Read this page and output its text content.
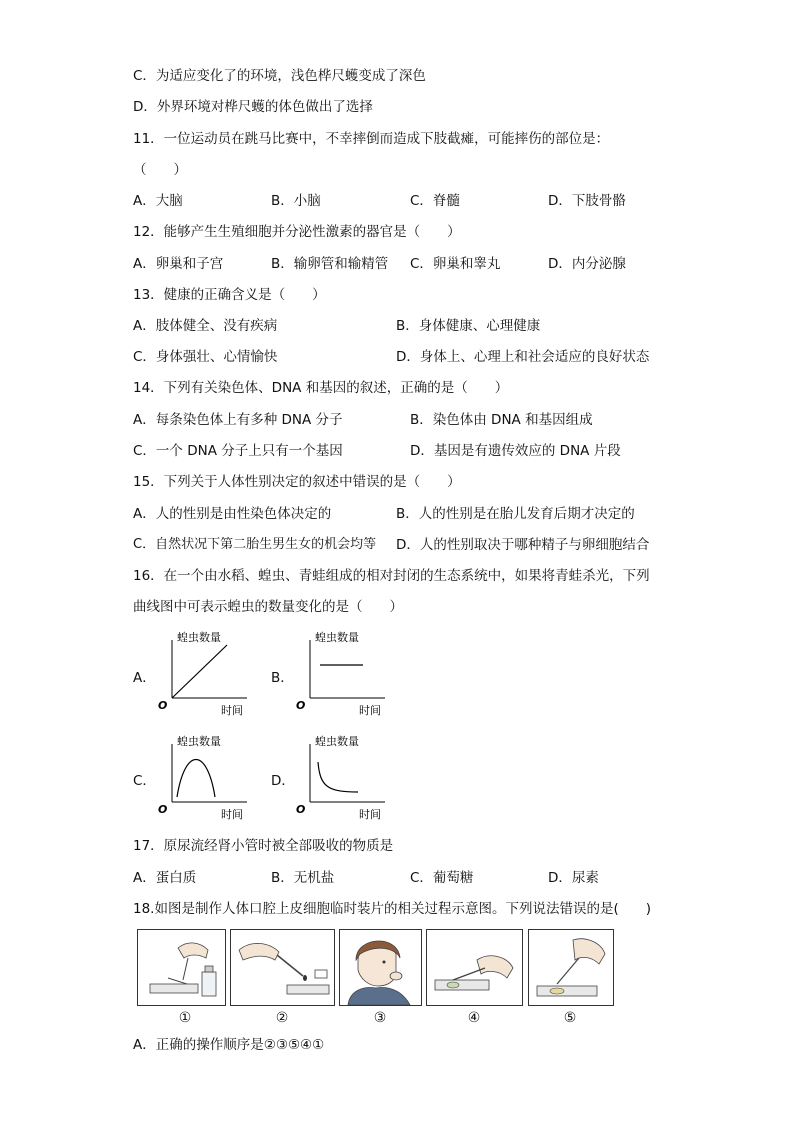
C．为适应变化了的环境，浅色桦尺蠖变成了深色
D．外界环境对桦尺蠖的体色做出了选择
11．一位运动员在跳马比赛中，不幸摔倒而造成下肢截瘫，可能摔伤的部位是：
（　　）
A．大脑	B．小脑	C．脊髓	D．下肢骨骼
12．能够产生生殖细胞并分泌性激素的器官是（　　）
A．卵巢和子宫	B．输卵管和输精管 C．卵巢和睾丸	D．内分泌腺
13．健康的正确含义是（　　）
A．肢体健全、没有疾病	B．身体健康、心理健康
C．身体强壮、心情愉快	D．身体上、心理上和社会适应的良好状态
14．下列有关染色体、DNA 和基因的叙述，正确的是（　　）
A．每条染色体上有多种 DNA 分子	B．染色体由 DNA 和基因组成
C．一个 DNA 分子上只有一个基因	D．基因是有遗传效应的 DNA 片段
15．下列关于人体性别决定的叙述中错误的是（　　）
A．人的性别是由性染色体决定的	B．人的性别是在胎儿发育后期才决定的
C．自然状况下第二胎生男生女的机会均等 D．人的性别取决于哪种精子与卵细胞结合
16．在一个由水稻、蝗虫、青蛙组成的相对封闭的生态系统中，如果将青蛙杀光，下列
曲线图中可表示蝗虫的数量变化的是（　　）
A．
蝗虫数量
O	时间
B．
蝗虫数量
O	时间
C．
蝗虫数量
O	时间
D．
蝗虫数量
O	时间
17．原尿流经肾小管时被全部吸收的物质是
A．蛋白质	B．无机盐	C．葡萄糖	D．尿素
18.如图是制作人体口腔上皮细胞临时装片的相关过程示意图。下列说法错误的是(　　)
①	②	③	④	⑤
A．正确的操作顺序是②③⑤④①
